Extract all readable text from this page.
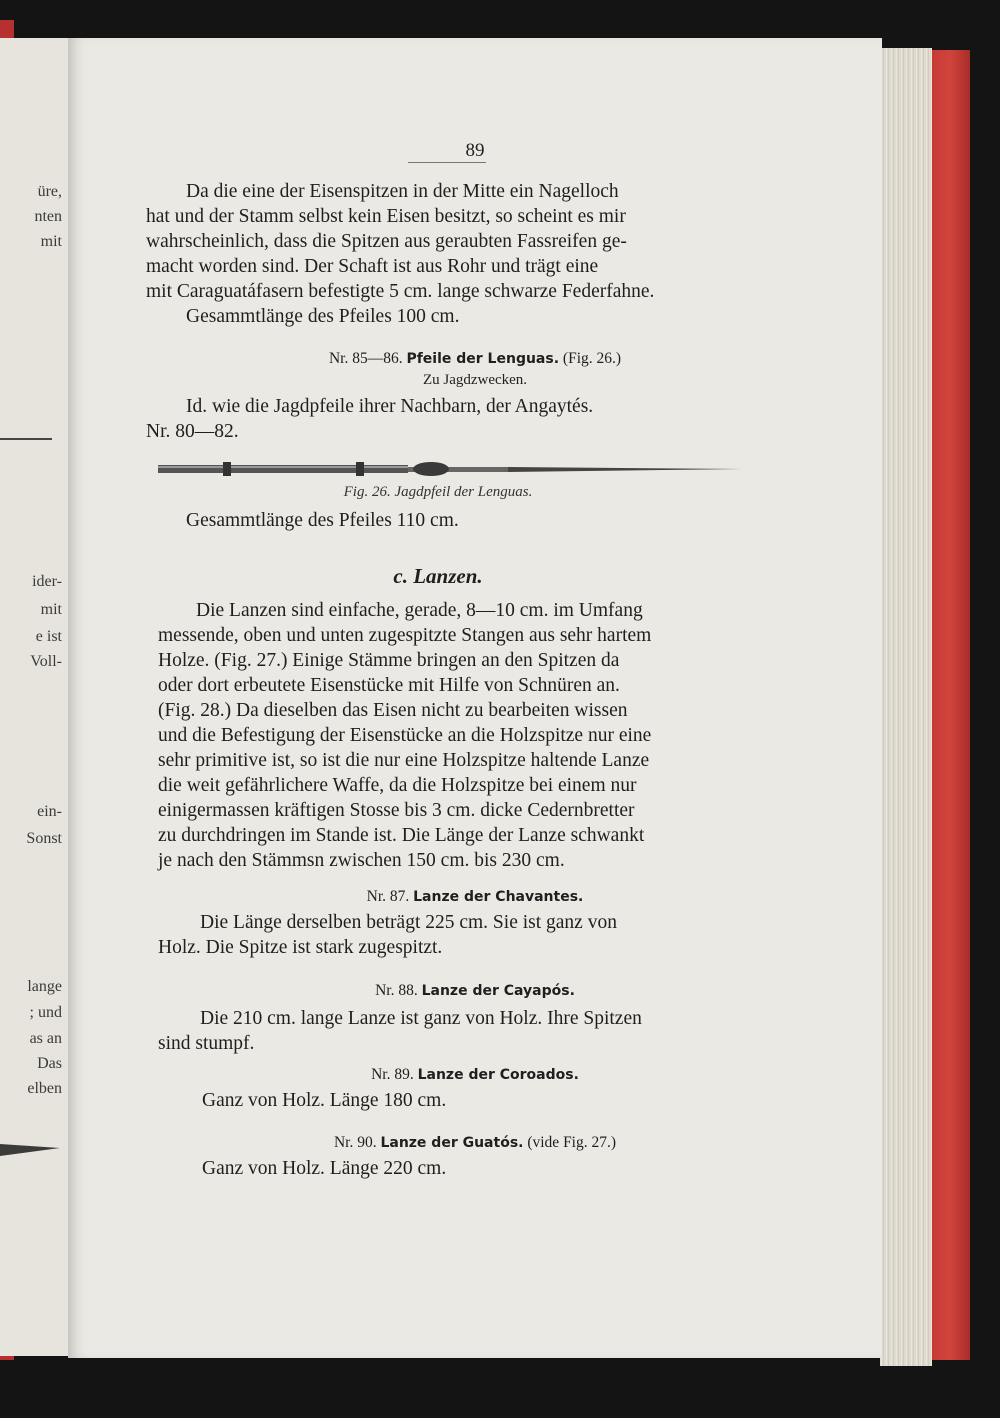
üre,
nten
mit
ider-
mit
e ist
Voll-
ein-
Sonst
lange
; und
as an
Das
elben
89
Da die eine der Eisenspitzen in der Mitte ein Nagelloch
hat und der Stamm selbst kein Eisen besitzt, so scheint es mir
wahrscheinlich, dass die Spitzen aus geraubten Fassreifen ge-
macht worden sind. Der Schaft ist aus Rohr und trägt eine
mit Caraguatáfasern befestigte 5 cm. lange schwarze Federfahne.
Gesammtlänge des Pfeiles 100 cm.
Nr. 85—86. Pfeile der Lenguas. (Fig. 26.)
Zu Jagdzwecken.
Id. wie die Jagdpfeile ihrer Nachbarn, der Angaytés.
Nr. 80—82.
Fig. 26. Jagdpfeil der Lenguas.
Gesammtlänge des Pfeiles 110 cm.
c. Lanzen.
Die Lanzen sind einfache, gerade, 8—10 cm. im Umfang
messende, oben und unten zugespitzte Stangen aus sehr hartem
Holze. (Fig. 27.) Einige Stämme bringen an den Spitzen da
oder dort erbeutete Eisenstücke mit Hilfe von Schnüren an.
(Fig. 28.) Da dieselben das Eisen nicht zu bearbeiten wissen
und die Befestigung der Eisenstücke an die Holzspitze nur eine
sehr primitive ist, so ist die nur eine Holzspitze haltende Lanze
die weit gefährlichere Waffe, da die Holzspitze bei einem nur
einigermassen kräftigen Stosse bis 3 cm. dicke Cedernbretter
zu durchdringen im Stande ist. Die Länge der Lanze schwankt
je nach den Stämmsn zwischen 150 cm. bis 230 cm.
Nr. 87. Lanze der Chavantes.
Die Länge derselben beträgt 225 cm. Sie ist ganz von
Holz. Die Spitze ist stark zugespitzt.
Nr. 88. Lanze der Cayapós.
Die 210 cm. lange Lanze ist ganz von Holz. Ihre Spitzen
sind stumpf.
Nr. 89. Lanze der Coroados.
Ganz von Holz. Länge 180 cm.
Nr. 90. Lanze der Guatós. (vide Fig. 27.)
Ganz von Holz. Länge 220 cm.
